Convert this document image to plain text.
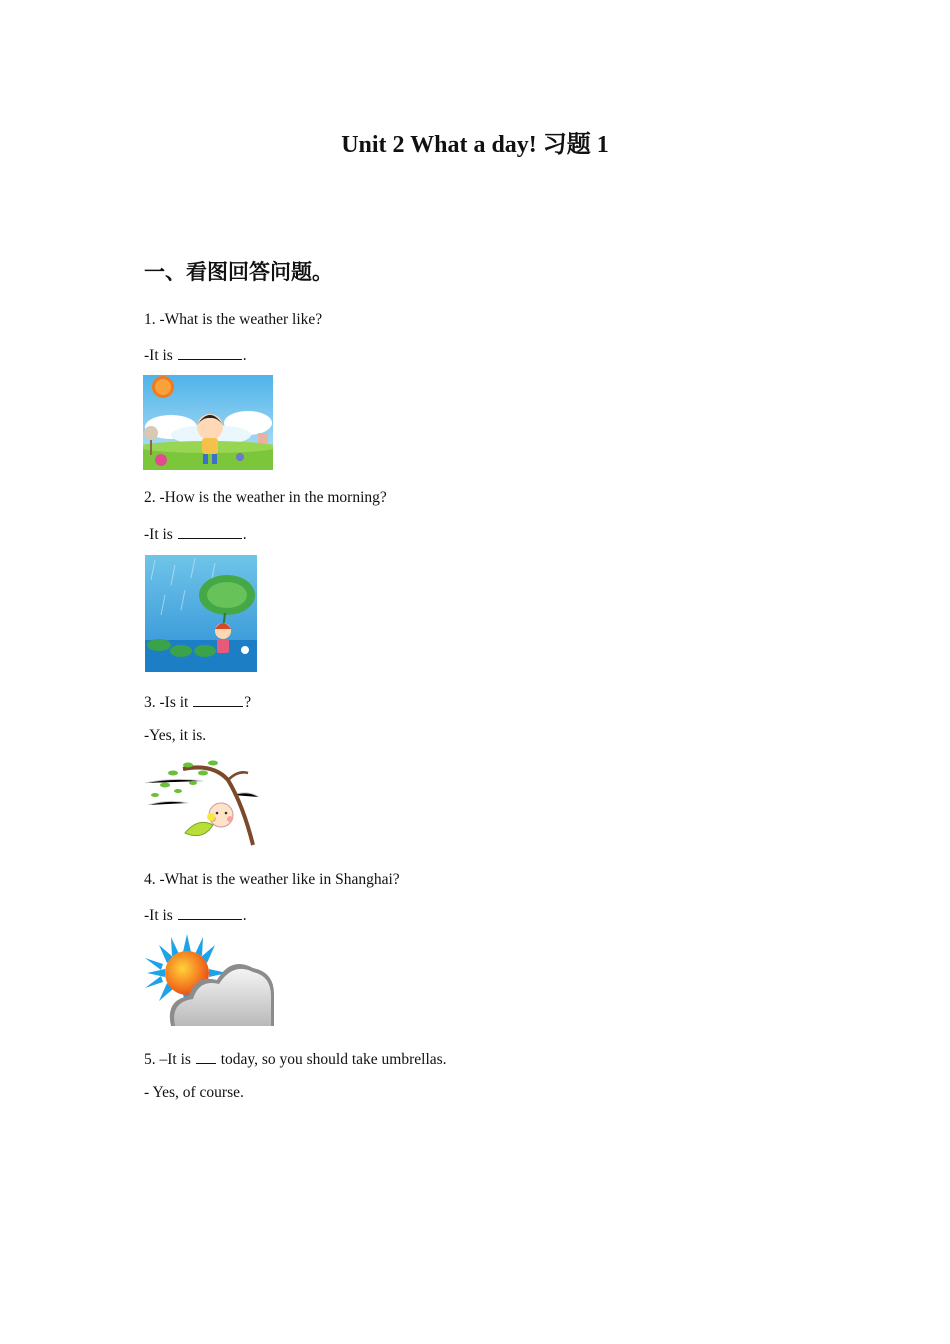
Unit 2 What a day! 习题 1
一、看图回答问题。
1. -What is the weather like?
-It is	.
2. -How is the weather in the morning?
-It is	.
3. -Is it	?
-Yes, it is.
4. -What is the weather like in Shanghai?
-It is	.
5. –It is today, so you should take umbrellas.
- Yes, of course.
